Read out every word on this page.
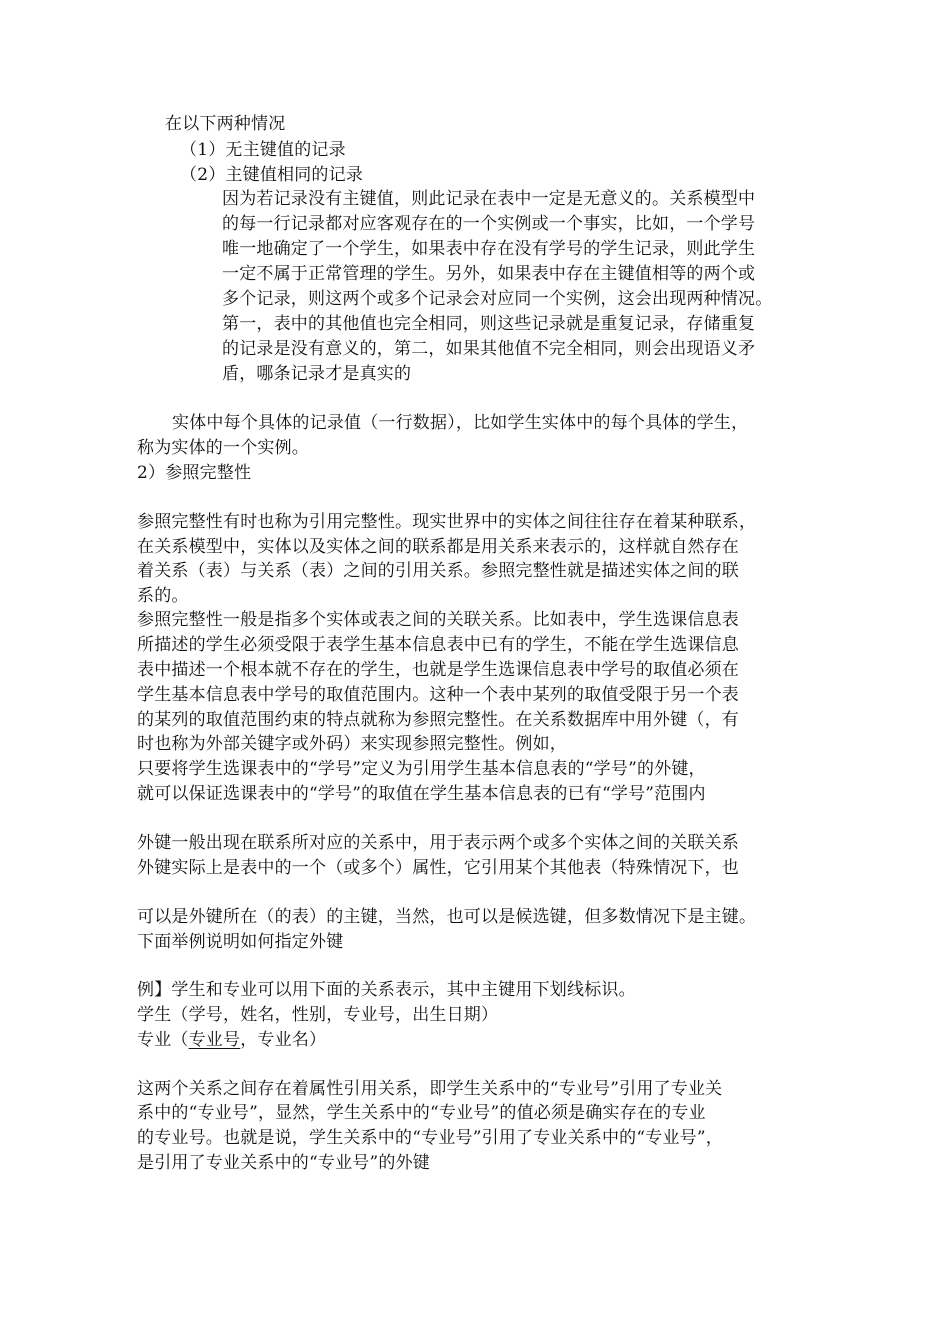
在以下两种情况
（1）无主键值的记录
（2）主键值相同的记录
因为若记录没有主键值，则此记录在表中一定是无意义的。关系模型中
的每一行记录都对应客观存在的一个实例或一个事实，比如，一个学号
唯一地确定了一个学生，如果表中存在没有学号的学生记录，则此学生
一定不属于正常管理的学生。另外，如果表中存在主键值相等的两个或
多个记录，则这两个或多个记录会对应同一个实例，这会出现两种情况。
第一，表中的其他值也完全相同，则这些记录就是重复记录，存储重复
的记录是没有意义的，第二，如果其他值不完全相同，则会出现语义矛
盾，哪条记录才是真实的
实体中每个具体的记录值（一行数据），比如学生实体中的每个具体的学生，
称为实体的一个实例。
2）参照完整性
参照完整性有时也称为引用完整性。现实世界中的实体之间往往存在着某种联系，
在关系模型中，实体以及实体之间的联系都是用关系来表示的，这样就自然存在
着关系（表）与关系（表）之间的引用关系。参照完整性就是描述实体之间的联
系的。
参照完整性一般是指多个实体或表之间的关联关系。比如表中，学生选课信息表
所描述的学生必须受限于表学生基本信息表中已有的学生，不能在学生选课信息
表中描述一个根本就不存在的学生，也就是学生选课信息表中学号的取值必须在
学生基本信息表中学号的取值范围内。这种一个表中某列的取值受限于另一个表
的某列的取值范围约束的特点就称为参照完整性。在关系数据库中用外键（，有
时也称为外部关键字或外码）来实现参照完整性。例如，
只要将学生选课表中的“学号”定义为引用学生基本信息表的“学号”的外键，
就可以保证选课表中的“学号”的取值在学生基本信息表的已有“学号”范围内
外键一般出现在联系所对应的关系中，用于表示两个或多个实体之间的关联关系
外键实际上是表中的一个（或多个）属性，它引用某个其他表（特殊情况下，也
可以是外键所在（的表）的主键，当然，也可以是候选键，但多数情况下是主键。
下面举例说明如何指定外键
例】学生和专业可以用下面的关系表示，其中主键用下划线标识。
学生（学号，姓名，性别，专业号，出生日期）
专业（专业号，专业名）
这两个关系之间存在着属性引用关系，即学生关系中的“专业号”引用了专业关
系中的“专业号”，显然，学生关系中的“专业号”的值必须是确实存在的专业
的专业号。也就是说，学生关系中的“专业号”引用了专业关系中的“专业号”，
是引用了专业关系中的“专业号”的外键
